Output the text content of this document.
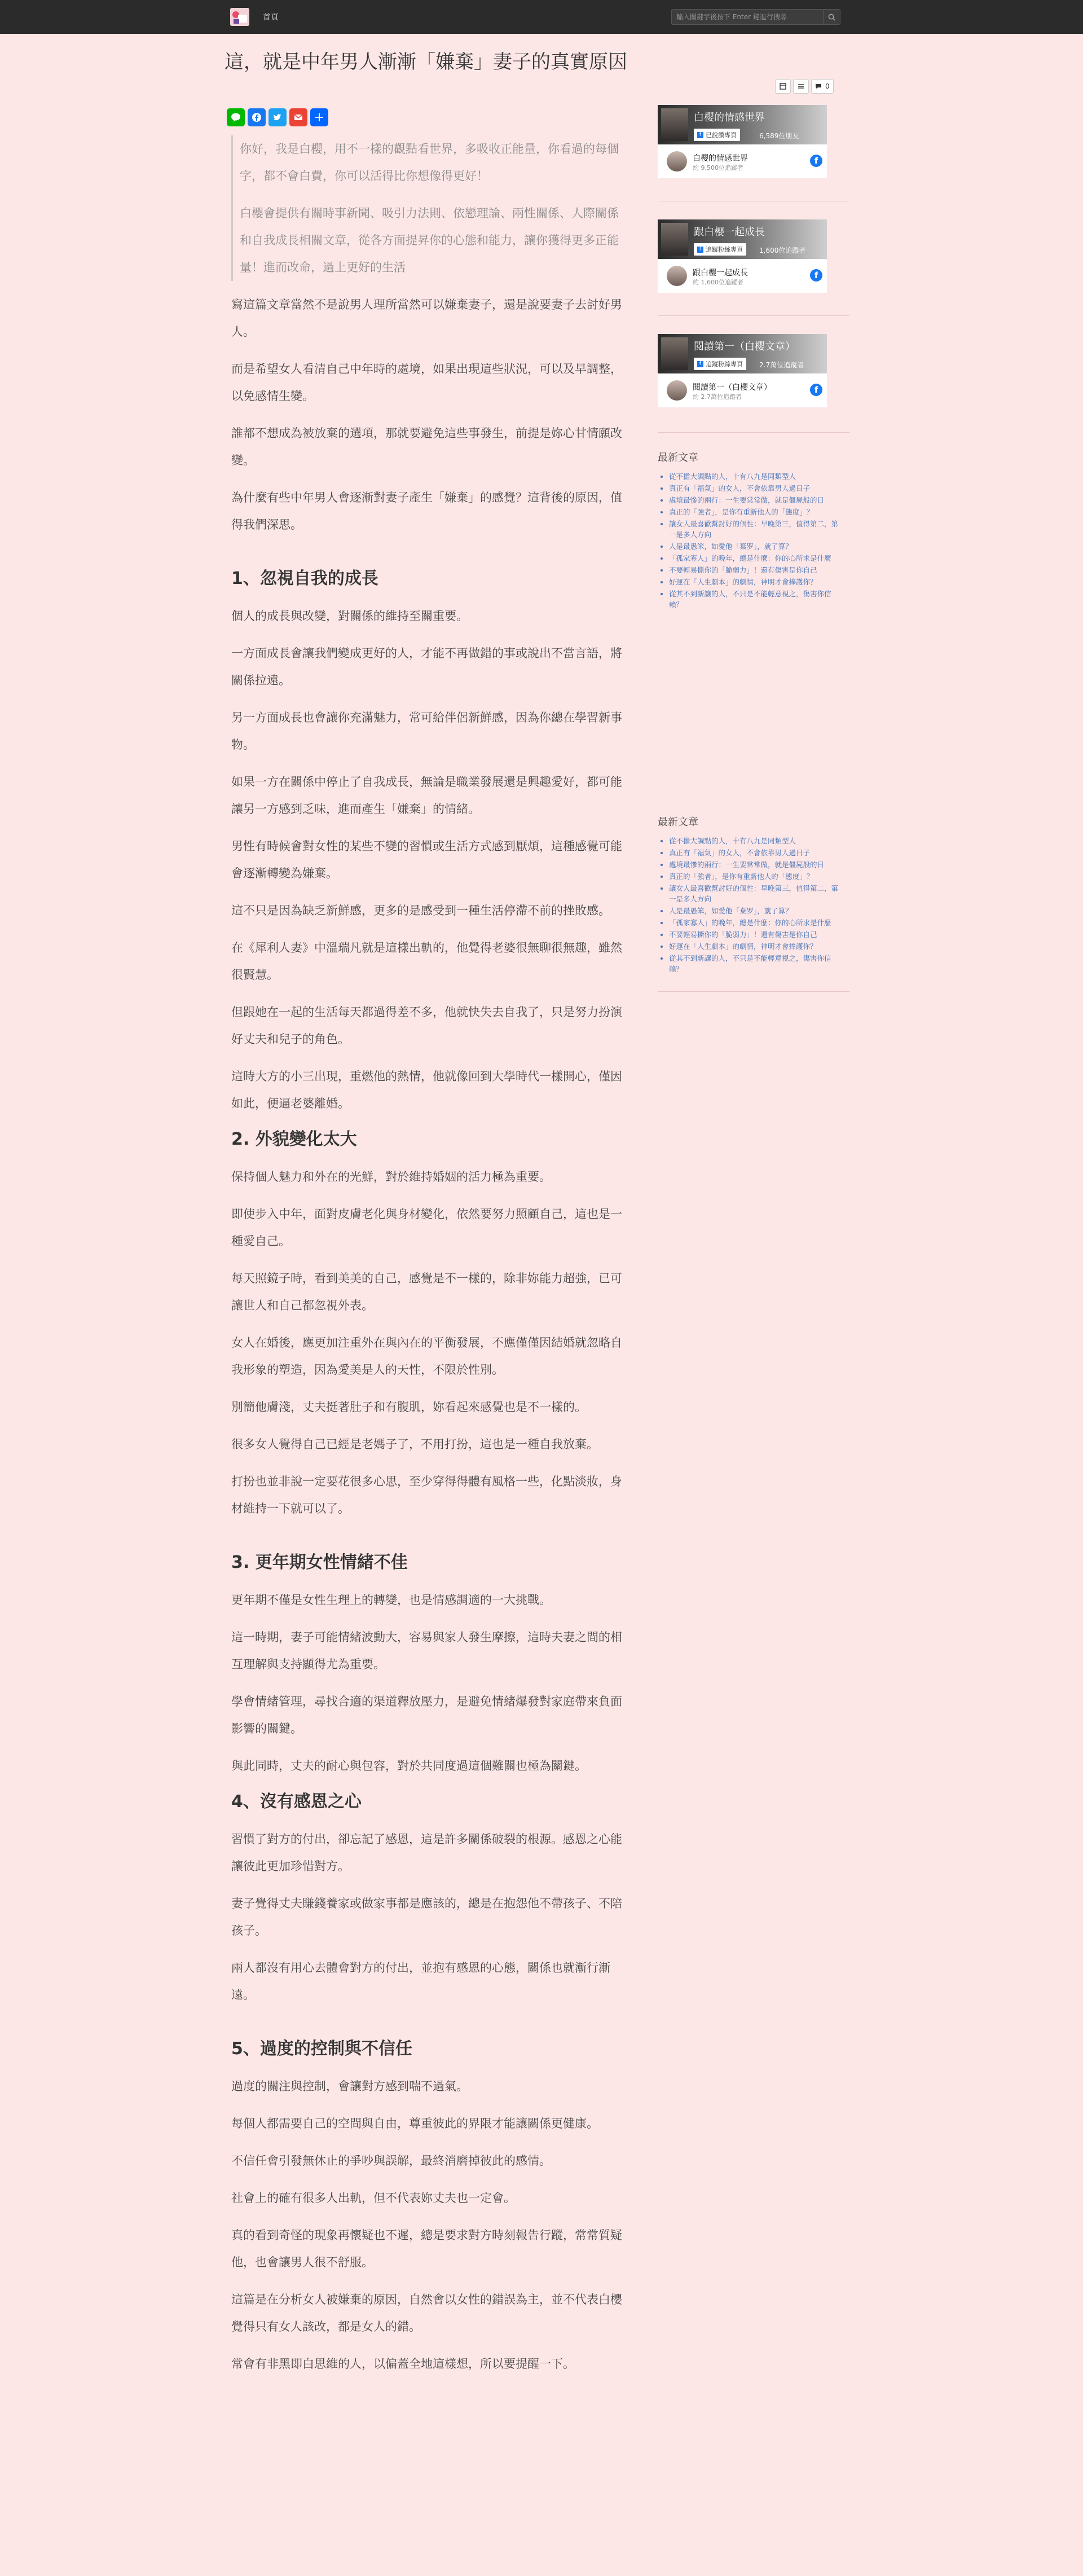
首頁
輸入關鍵字後按下 Enter 鍵進行搜尋
這，就是中年男人漸漸「嫌棄」妻子的真實原因
0

你好，我是白櫻，用不一樣的觀點看世界，多吸收正能量，你看過的每個字，都不會白費，你可以活得比你想像得更好！

白櫻會提供有關時事新聞、吸引力法則、依戀理論、兩性關係、人際關係和自我成長相關文章，從各方面提昇你的心態和能力，讓你獲得更多正能量！進而改命，過上更好的生活

寫這篇文章當然不是說男人理所當然可以嫌棄妻子，還是說要妻子去討好男人。

而是希望女人看清自己中年時的處境，如果出現這些狀況，可以及早調整，以免感情生變。

誰都不想成為被放棄的選項，那就要避免這些事發生，前提是妳心甘情願改變。

為什麼有些中年男人會逐漸對妻子產生「嫌棄」的感覺？這背後的原因，值得我們深思。

1、忽視自我的成長

個人的成長與改變，對關係的維持至關重要。

一方面成長會讓我們變成更好的人，才能不再做錯的事或說出不當言語，將關係拉遠。

另一方面成長也會讓你充滿魅力，常可給伴侶新鮮感，因為你總在學習新事物。

如果一方在關係中停止了自我成長，無論是職業發展還是興趣愛好，都可能讓另一方感到乏味，進而產生「嫌棄」的情緒。

男性有時候會對女性的某些不變的習慣或生活方式感到厭煩，這種感覺可能會逐漸轉變為嫌棄。

這不只是因為缺乏新鮮感，更多的是感受到一種生活停滯不前的挫敗感。

在《犀利人妻》中溫瑞凡就是這樣出軌的，他覺得老婆很無聊很無趣，雖然很賢慧。

但跟她在一起的生活每天都過得差不多，他就快失去自我了，只是努力扮演好丈夫和兒子的角色。

這時大方的小三出現，重燃他的熱情，他就像回到大學時代一樣開心，僅因如此，便逼老婆離婚。

2. 外貌變化太大

保持個人魅力和外在的光鮮，對於維持婚姻的活力極為重要。

即使步入中年，面對皮膚老化與身材變化，依然要努力照顧自己，這也是一種愛自己。

每天照鏡子時，看到美美的自己，感覺是不一樣的，除非妳能力超強，已可讓世人和自己都忽視外表。

女人在婚後，應更加注重外在與內在的平衡發展，不應僅僅因結婚就忽略自我形象的塑造，因為愛美是人的天性，不限於性別。

別簡他膚淺，丈夫挺著肚子和有腹肌，妳看起來感覺也是不一樣的。

很多女人覺得自己已經是老媽子了，不用打扮，這也是一種自我放棄。

打扮也並非說一定要花很多心思，至少穿得得體有風格一些，化點淡妝，身材維持一下就可以了。

3. 更年期女性情緒不佳

更年期不僅是女性生理上的轉變，也是情感調適的一大挑戰。

這一時期，妻子可能情緒波動大，容易與家人發生摩擦，這時夫妻之間的相互理解與支持顯得尤為重要。

學會情緒管理，尋找合適的渠道釋放壓力，是避免情緒爆發對家庭帶來負面影響的關鍵。

與此同時，丈夫的耐心與包容，對於共同度過這個難關也極為關鍵。

4、沒有感恩之心

習慣了對方的付出，卻忘記了感恩，這是許多關係破裂的根源。感恩之心能讓彼此更加珍惜對方。

妻子覺得丈夫賺錢養家或做家事都是應該的，總是在抱怨他不帶孩子、不陪孩子。

兩人都沒有用心去體會對方的付出，並抱有感恩的心態，關係也就漸行漸遠。

5、過度的控制與不信任

過度的關注與控制，會讓對方感到喘不過氣。

每個人都需要自己的空間與自由，尊重彼此的界限才能讓關係更健康。

不信任會引發無休止的爭吵與誤解，最終消磨掉彼此的感情。

社會上的確有很多人出軌，但不代表妳丈夫也一定會。

真的看到奇怪的現象再懷疑也不遲，總是要求對方時刻報告行蹤，常常質疑他，也會讓男人很不舒服。

這篇是在分析女人被嫌棄的原因，自然會以女性的錯誤為主，並不代表白櫻覺得只有女人該改，都是女人的錯。

常會有非黑即白思維的人，以偏蓋全地這樣想，所以要提醒一下。

白櫻的情感世界
f 已說讚專頁	6,589位朋友
白櫻的情感世界
約 9,500位追蹤者
f
跟白櫻一起成長
f 追蹤粉絲專頁 1,600位追蹤者
跟白櫻一起成長
約 1,600位追蹤者
f
閱讀第一（白櫻文章）
f 追蹤粉絲專頁 2.7萬位追蹤者
閱讀第一（白櫻文章）
約 2.7萬位追蹤者
f
最新文章
• 從不擔大調點的人，十有八九是同類型人
• 真正有「福氣」的女人，不會依靠男人過日子
• 處境最慘的兩行：一生要常常做，就是僵屍般的日
• 真正的「強者」，是你有重新他人的「態度」？
• 讓女人最喜歡幫討好的個性：早晚第三，值得第二，第一是多人方向
• 人是最愚笨，如愛他「棄罗」，就了算？
• 「孤家寡人」的晚年，總是什麼：你的心所求是什麼
• 不要輕易撕你的「脆弱力」！還有傷害是你自己
• 好運在「人生劇本」的劇情，神明才會捧護你？
• 從其不到新讓的人，不只是不能輕意視之，傷害你信賴？
最新文章
• 從不擔大調點的人，十有八九是同類型人
• 真正有「福氣」的女人，不會依靠男人過日子
• 處境最慘的兩行：一生要常常做，就是僵屍般的日
• 真正的「強者」，是你有重新他人的「態度」？
• 讓女人最喜歡幫討好的個性：早晚第三，值得第二，第一是多人方向
• 人是最愚笨，如愛他「棄罗」，就了算？
• 「孤家寡人」的晚年，總是什麼：你的心所求是什麼
• 不要輕易撕你的「脆弱力」！還有傷害是你自己
• 好運在「人生劇本」的劇情，神明才會捧護你？
• 從其不到新讓的人，不只是不能輕意視之，傷害你信賴？
